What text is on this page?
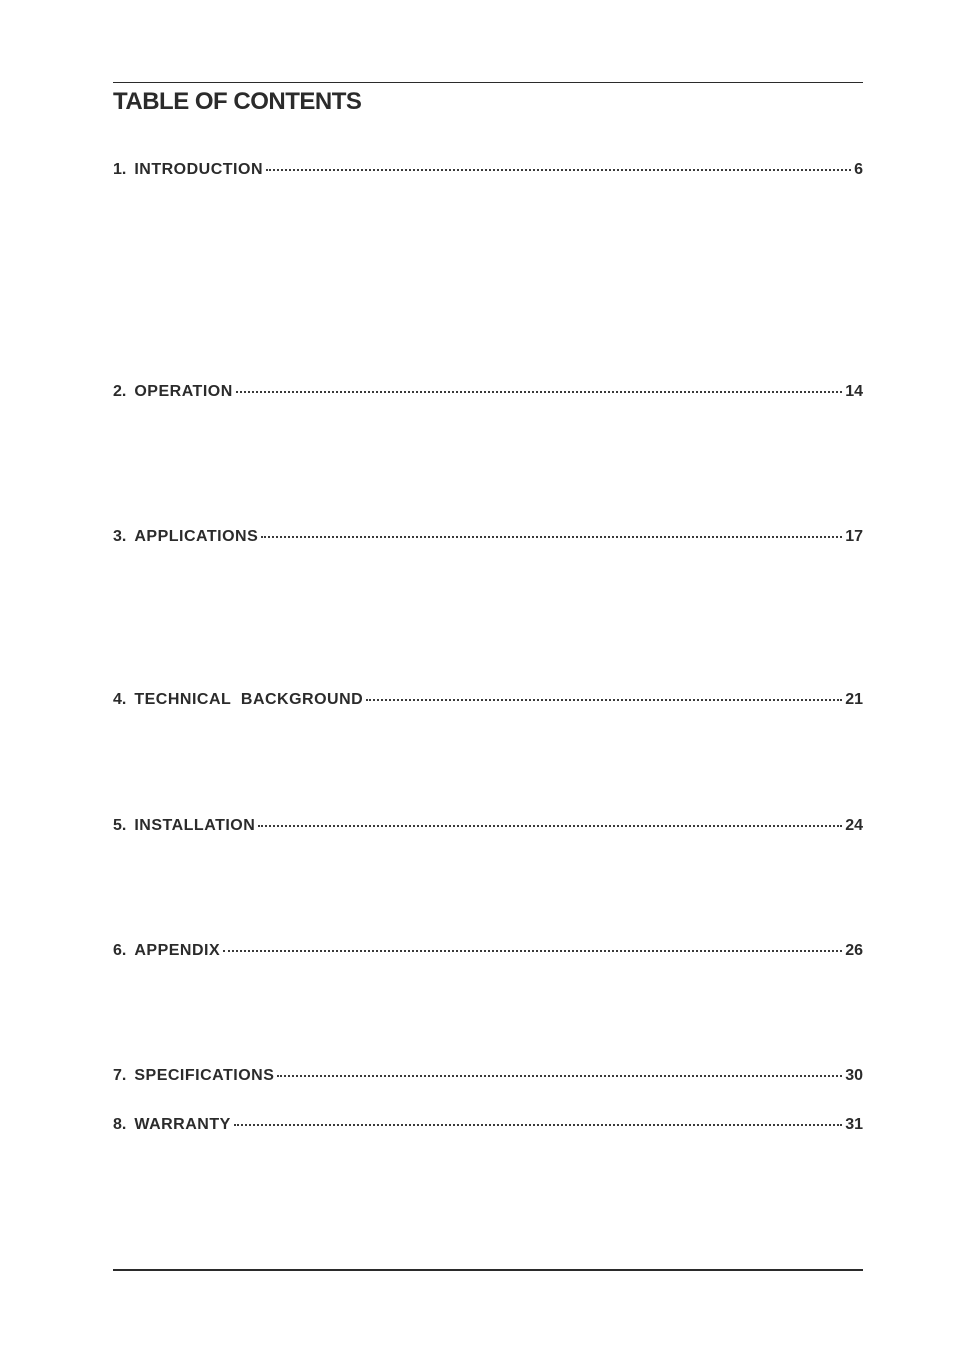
TABLE OF CONTENTS
1. INTRODUCTION	6
2. OPERATION	14
3. APPLICATIONS	17
4. TECHNICAL  BACKGROUND	21
5. INSTALLATION	24
6. APPENDIX	26
7. SPECIFICATIONS	30
8. WARRANTY	31
